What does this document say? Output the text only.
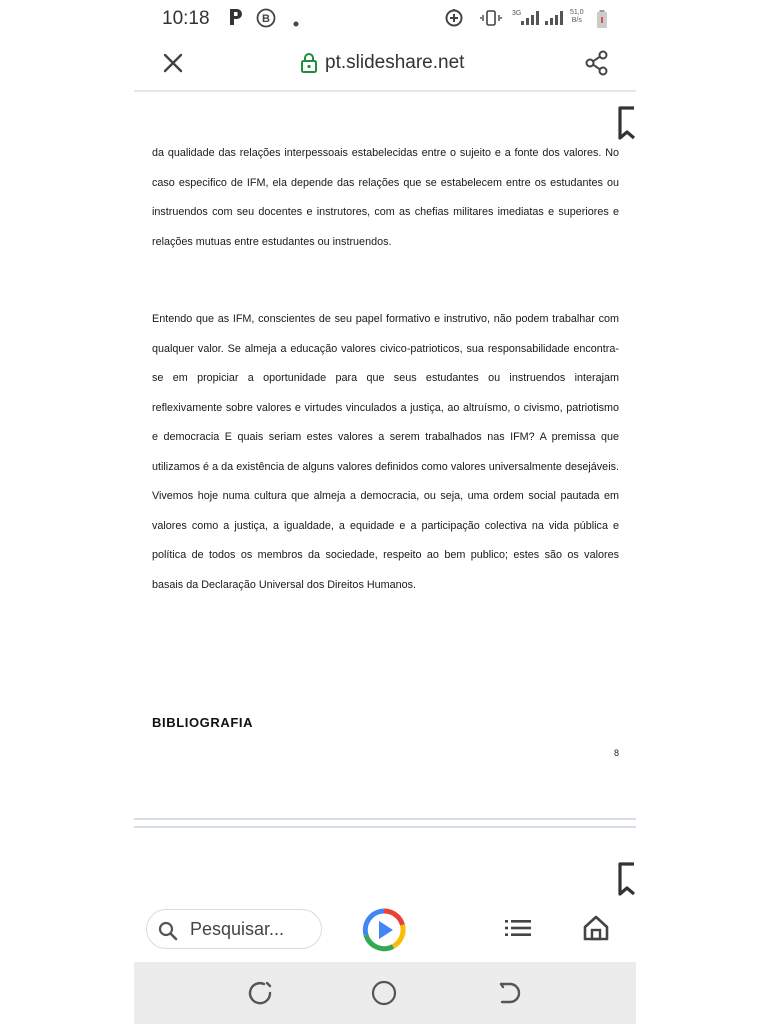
10:18	B	3G	51,0
B/s
pt.slideshare.net
da qualidade das relações interpessoais estabelecidas entre o sujeito e a fonte dos valores. No caso especifico de IFM, ela depende das relações que se estabelecem entre os estudantes ou instruendos com seu docentes e instrutores, com as chefias militares imediatas e superiores e relações mutuas entre estudantes ou instruendos.
Entendo que as IFM, conscientes de seu papel formativo e instrutivo, não podem trabalhar com qualquer valor. Se almeja a educação valores civico-patrioticos, sua responsabilidade encontra-se em propiciar a oportunidade para que seus estudantes ou instruendos interajam reflexivamente sobre valores e virtudes vinculados a justiça, ao altruísmo, o civismo, patriotismo e democracia E quais seriam estes valores a serem trabalhados nas IFM? A premissa que utilizamos é a da existência de alguns valores definidos como valores universalmente desejáveis. Vivemos hoje numa cultura que almeja a democracia, ou seja, uma ordem social pautada em valores como a justiça, a igualdade, a equidade e a participação colectiva na vida pública e política de todos os membros da sociedade, respeito ao bem publico; estes são os valores basais da Declaração Universal dos Direitos Humanos.
BIBLIOGRAFIA
8
Pesquisar...
